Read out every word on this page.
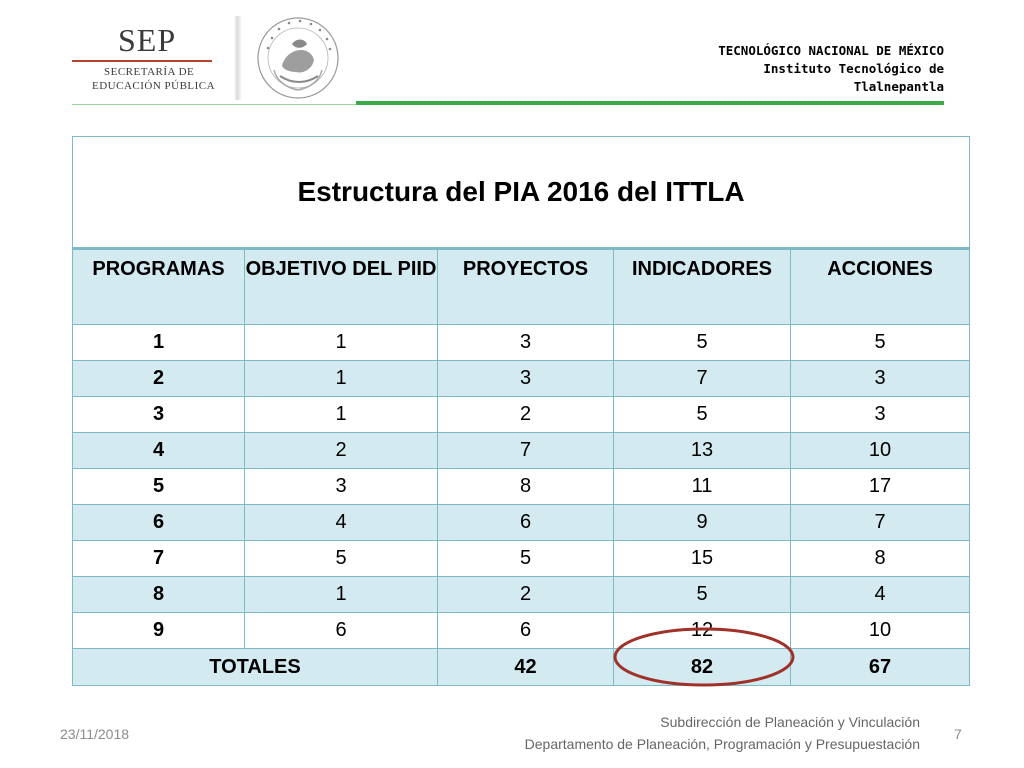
SEP
SECRETARÍA DE
EDUCACIÓN PÚBLICA
TECNOLÓGICO NACIONAL DE MÉXICO
Instituto Tecnológico de
Tlalnepantla
Estructura del PIA 2016 del ITTLA				
PROGRAMAS	OBJETIVO DEL PIID	PROYECTOS	INDICADORES	ACCIONES
1	1	3	5	5
2	1	3	7	3
3	1	2	5	3
4	2	7	13	10
5	3	8	11	17
6	4	6	9	7
7	5	5	15	8
8	1	2	5	4
9	6	6	12	10
TOTALES		42	82	67
23/11/2018
Subdirección de Planeación y Vinculación
Departamento de Planeación, Programación y Presupuestación
7
